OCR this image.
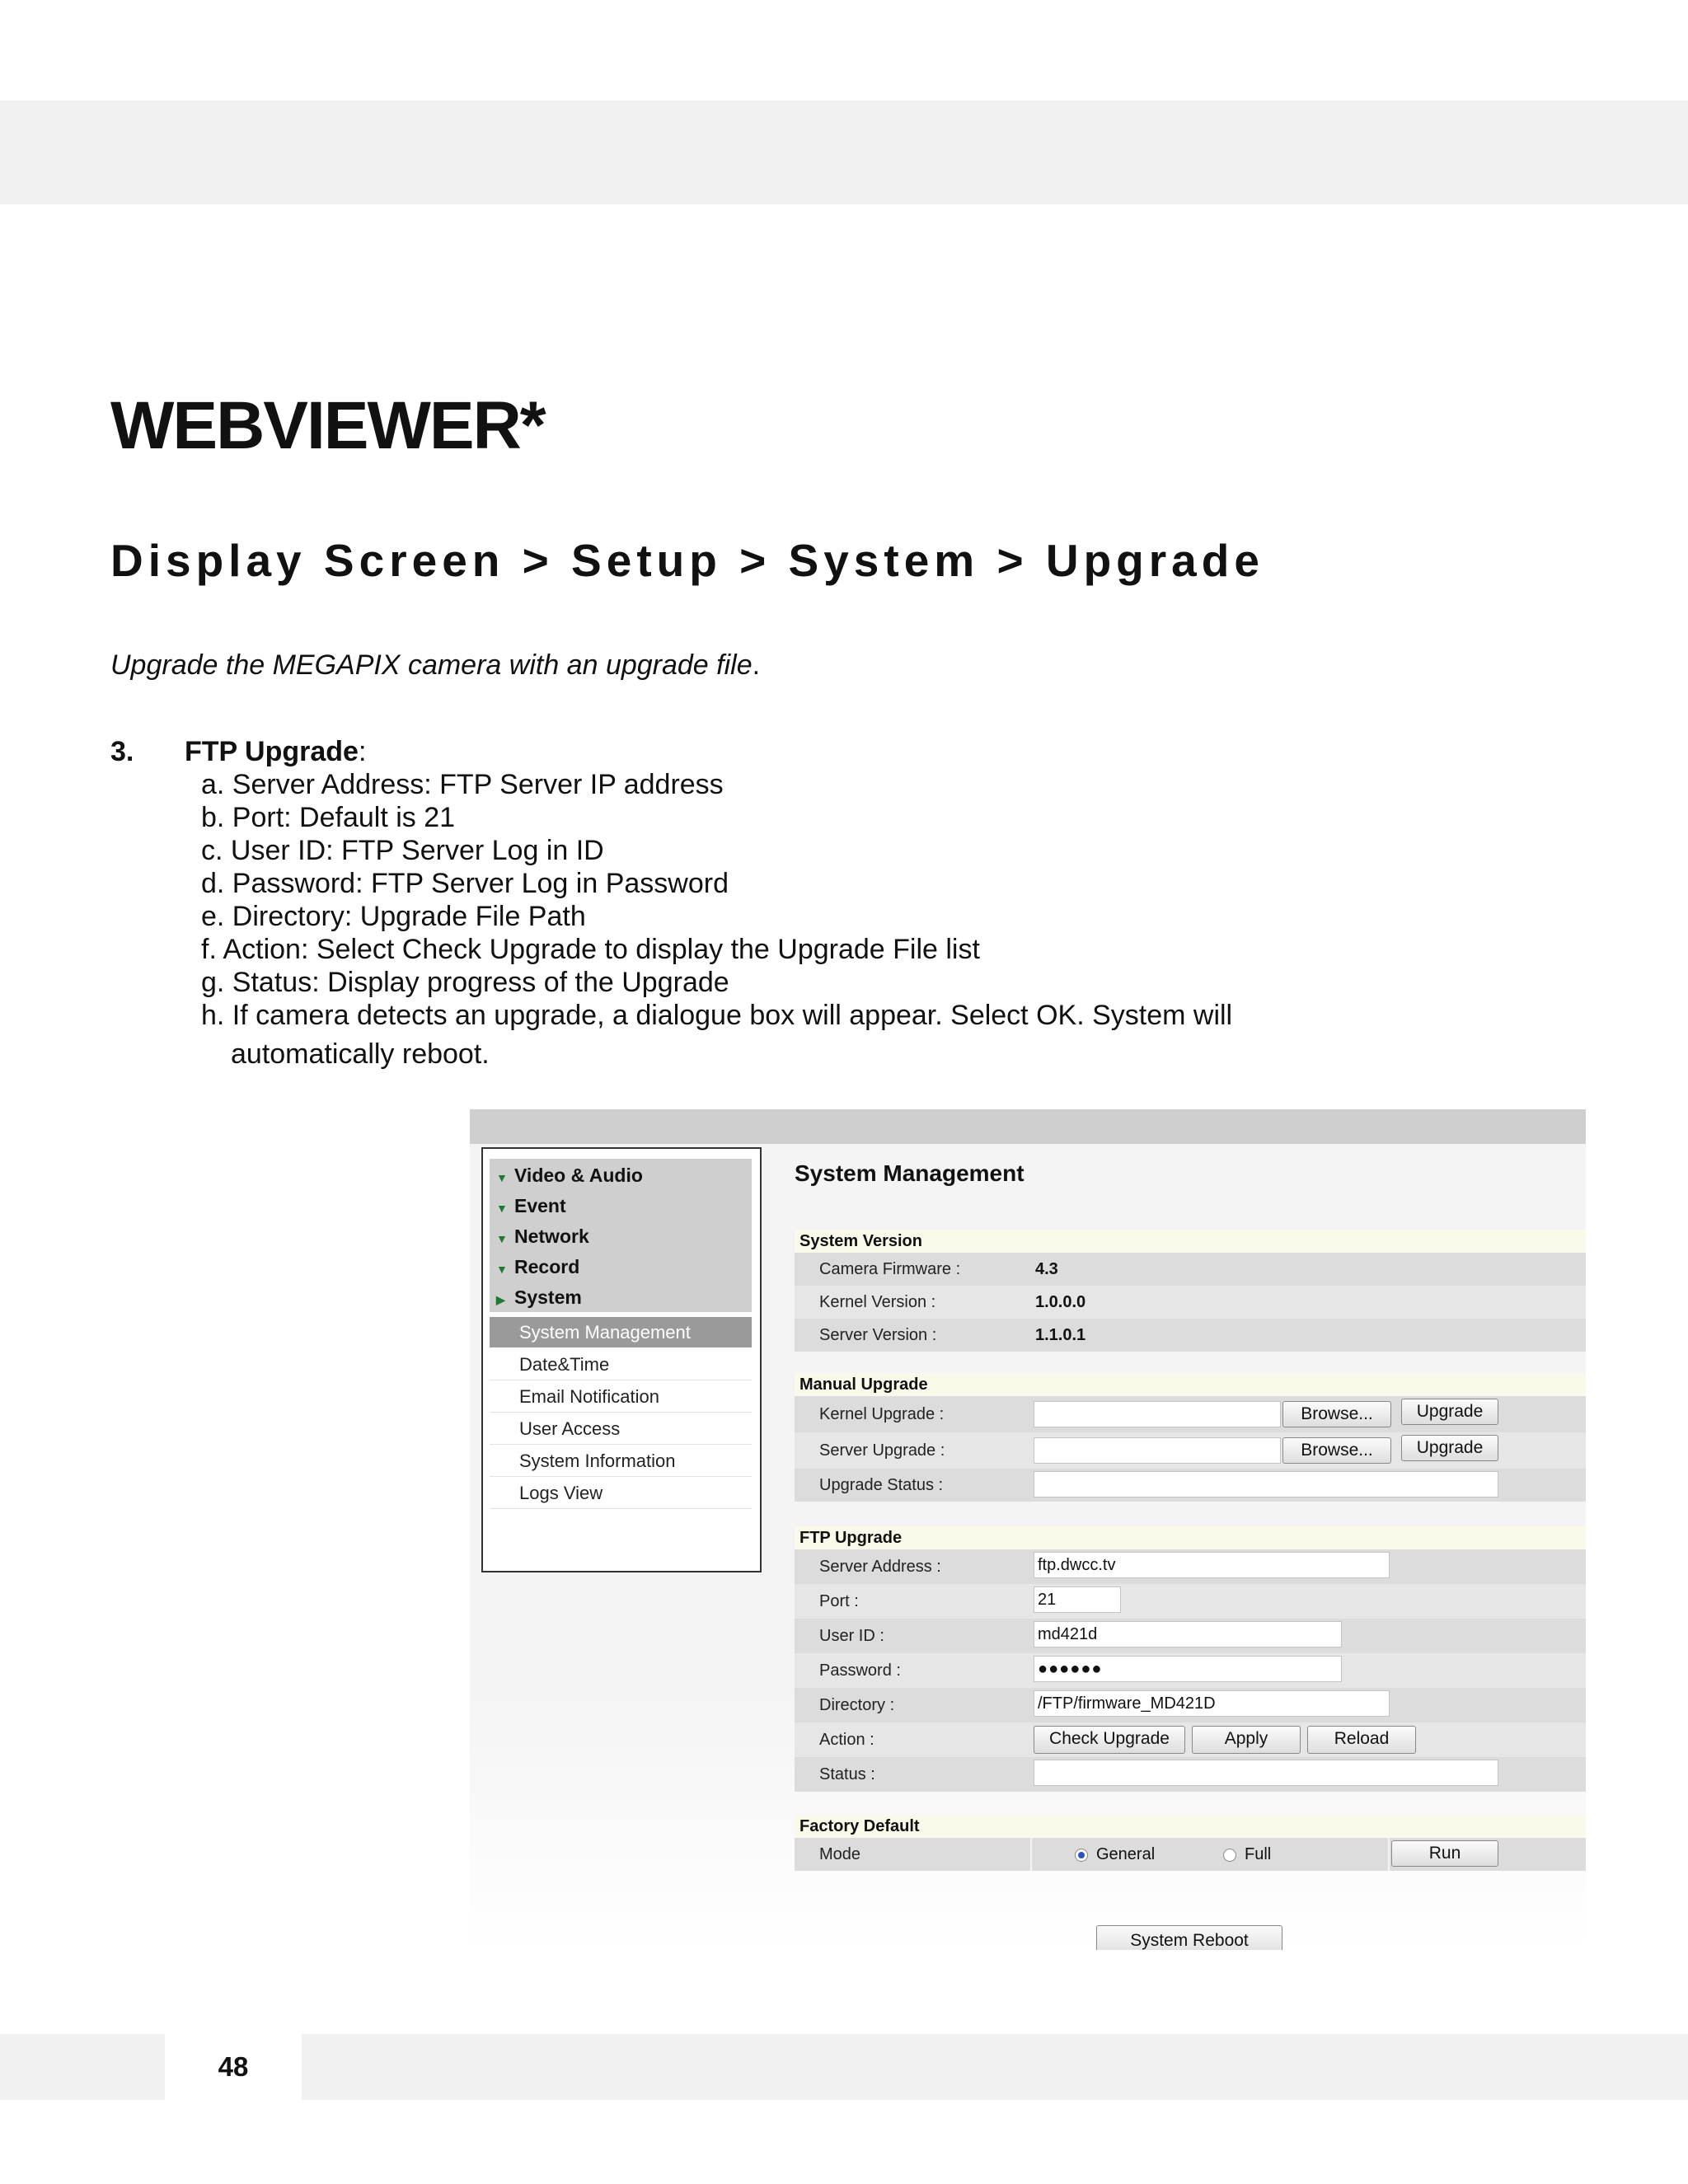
WEBVIEWER*
Display Screen > Setup > System > Upgrade
Upgrade the MEGAPIX camera with an upgrade file.
3. FTP Upgrade:
a. Server Address: FTP Server IP address
b. Port: Default is 21
c. User ID: FTP Server Log in ID
d. Password: FTP Server Log in Password
e. Directory: Upgrade File Path
f. Action: Select Check Upgrade to display the Upgrade File list
g. Status: Display progress of the Upgrade
h. If camera detects an upgrade, a dialogue box will appear. Select OK. System will
automatically reboot.
▼ Video & Audio
▼ Event
▼ Network
▼ Record
▶ System
System Management
Date&Time
Email Notification
User Access
System Information
Logs View
System Management
System Version
Camera Firmware :	4.3
Kernel Version :	1.0.0.0
Server Version :	1.1.0.1
Manual Upgrade
Kernel Upgrade :	Browse...	Upgrade
Server Upgrade :	Browse...	Upgrade
Upgrade Status :
FTP Upgrade
Server Address :	ftp.dwcc.tv
Port :	21
User ID :	md421d
Password :	●●●●●●
Directory :	/FTP/firmware_MD421D
Action :	Check Upgrade	Apply	Reload
Status :
Factory Default
Mode	General	Full	Run
System Reboot
48
